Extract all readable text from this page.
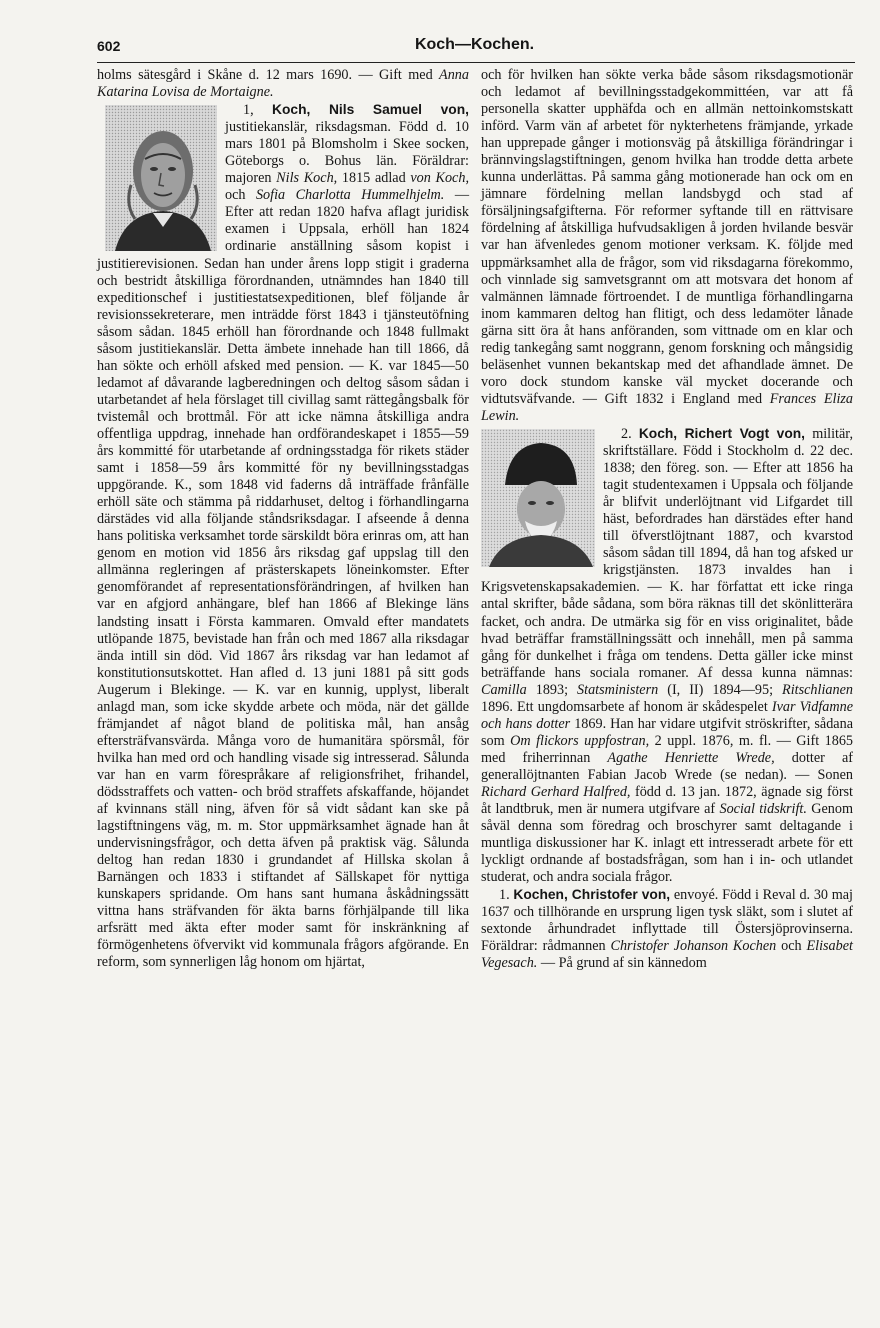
602	Koch—Kochen.

holms sätesgård i Skåne d. 12 mars 1690. — Gift med Anna Katarina Lovisa de Mortaigne.

1, Koch, Nils Samuel von,
justitiekanslär, riksdagsman. Född d. 10 mars 1801 på Blomsholm i Skee socken, Göteborgs o. Bohus län. Föräldrar: majoren Nils Koch, 1815 adlad von Koch, och Sofia Charlotta Hummelhjelm. — Efter att redan 1820 hafva aflagt juridisk examen i Uppsala, erhöll han 1824 ordinarie anställning såsom kopist i justitierevisionen. Sedan han under årens lopp stigit i graderna och bestridt åtskilliga förordnanden, utnämndes han 1840 till expeditionschef i justitiestatsexpeditionen, blef följande år revisionssekreterare, men inträdde först 1843 i tjänsteutöfning såsom sådan. 1845 erhöll han förordnande och 1848 fullmakt såsom justitiekanslär. Detta ämbete innehade han till 1866, då han sökte och erhöll afsked med pension. — K. var 1845—50 ledamot af dåvarande lagberedningen och deltog såsom sådan i utarbetandet af hela förslaget till civillag samt rättegångsbalk för tvistemål och brottmål. För att icke nämna åtskilliga andra offentliga uppdrag, innehade han ordförandeskapet i 1855—59 års kommitté för utarbetande af ordningsstadga för rikets städer samt i 1858—59 års kommitté för ny bevillningsstadgas uppgörande. K., som 1848 vid faderns då inträffade frånfälle erhöll säte och stämma på riddarhuset, deltog i förhandlingarna därstädes vid alla följande ståndsriksdagar. I afseende å denna hans politiska verksamhet torde särskildt böra erinras om, att han genom en motion vid 1856 års riksdag gaf uppslag till den allmänna regleringen af prästerskapets löneinkomster. Efter genomförandet af representationsförändringen, af hvilken han var en afgjord anhängare, blef han 1866 af Blekinge läns landsting insatt i Första kammaren. Omvald efter mandatets utlöpande 1875, bevistade han från och med 1867 alla riksdagar ända intill sin död. Vid 1867 års riksdag var han ledamot af konstitutionsutskottet. Han afled d. 13 juni 1881 på sitt gods Augerum i Blekinge. — K. var en kunnig, upplyst, liberalt anlagd man, som icke skydde arbete och möda, när det gällde främjandet af något bland de politiska mål, han ansåg eftersträfvansvärda. Många voro de humanitära spörsmål, för hvilka han med ord och handling visade sig intresserad. Sålunda var han en varm förespråkare af religionsfrihet, frihandel, dödsstraffets och vatten- och bröd straffets afskaffande, höjandet af kvinnans ställ ning, äfven för så vidt sådant kan ske på lagstiftningens väg, m. m. Stor uppmärksamhet ägnade han åt undervisningsfrågor, och detta äfven på praktisk väg. Sålunda deltog han redan 1830 i grundandet af Hillska skolan å Barnängen och 1833 i stiftandet af Sällskapet för nyttiga kunskapers spridande. Om hans sant humana åskådningssätt vittna hans sträfvanden för äkta barns förhjälpande till lika arfsrätt med äkta efter moder samt för inskränkning af förmögenhetens öfvervikt vid kommunala frågors afgörande. En reform, som synnerligen låg honom om hjärtat,

och för hvilken han sökte verka både såsom riksdagsmotionär och ledamot af bevillningsstadgekommittéen, var att få personella skatter upphäfda och en allmän nettoinkomstskatt införd. Varm vän af arbetet för nykterhetens främjande, yrkade han upprepade gånger i motionsväg på åtskilliga förändringar i brännvingslagstiftningen, genom hvilka han trodde detta arbete kunna underlättas. På samma gång motionerade han ock om en jämnare fördelning mellan landsbygd och stad af försäljningsafgifterna. För reformer syftande till en rättvisare fördelning af åtskilliga hufvudsakligen å jorden hvilande besvär var han äfvenledes genom motioner verksam. K. följde med uppmärksamhet alla de frågor, som vid riksdagarna förekommo, och vinnlade sig samvetsgrannt om att motsvara det honom af valmännen lämnade förtroendet. I de muntliga förhandlingarna inom kammaren deltog han flitigt, och dess ledamöter lånade gärna sitt öra åt hans anföranden, som vittnade om en klar och redig tankegång samt noggrann, genom forskning och mångsidig beläsenhet vunnen bekantskap med det afhandlade ämnet. De voro dock stundom kanske väl mycket docerande och vidtutsväfvande. — Gift 1832 i England med Frances Eliza Lewin.

2. Koch, Richert Vogt von,
militär, skriftställare. Född i Stockholm d. 22 dec. 1838; den föreg. son. — Efter att 1856 ha tagit studentexamen i Uppsala och följande år blifvit underlöjtnant vid Lifgardet till häst, befordrades han därstädes efter hand till öfverstlöjtnant 1887, och kvarstod såsom sådan till 1894, då han tog afsked ur krigstjänsten. 1873 invaldes han i Krigsvetenskapsakademien. — K. har författat ett icke ringa antal skrifter, både sådana, som böra räknas till det skönlitterära facket, och andra. De utmärka sig för en viss originalitet, både hvad beträffar framställningssätt och innehåll, men på samma gång för dunkelhet i fråga om tendens. Detta gäller icke minst beträffande hans sociala romaner. Af dessa kunna nämnas: Camilla 1893; Statsministern (I, II) 1894—95; Ritschlianen 1896. Ett ungdomsarbete af honom är skådespelet Ivar Vidfamne och hans dotter 1869. Han har vidare utgifvit ströskrifter, sådana som Om flickors uppfostran, 2 uppl. 1876, m. fl. — Gift 1865 med friherrinnan Agathe Henriette Wrede, dotter af generallöjtnanten Fabian Jacob Wrede (se nedan). — Sonen Richard Gerhard Halfred, född d. 13 jan. 1872, ägnade sig först åt landtbruk, men är numera utgifvare af Social tidskrift. Genom såväl denna som föredrag och broschyrer samt deltagande i muntliga diskussioner har K. inlagt ett intresseradt arbete för ett lyckligt ordnande af bostadsfrågan, som han i in- och utlandet studerat, och andra sociala frågor.

1. Kochen, Christofer von, envoyé. Född i Reval d. 30 maj 1637 och tillhörande en ursprung ligen tysk släkt, som i slutet af sextonde århundradet inflyttade till Östersjöprovinserna. Föräldrar: rådmannen Christofer Johanson Kochen och Elisabet Vegesach. — På grund af sin kännedom
